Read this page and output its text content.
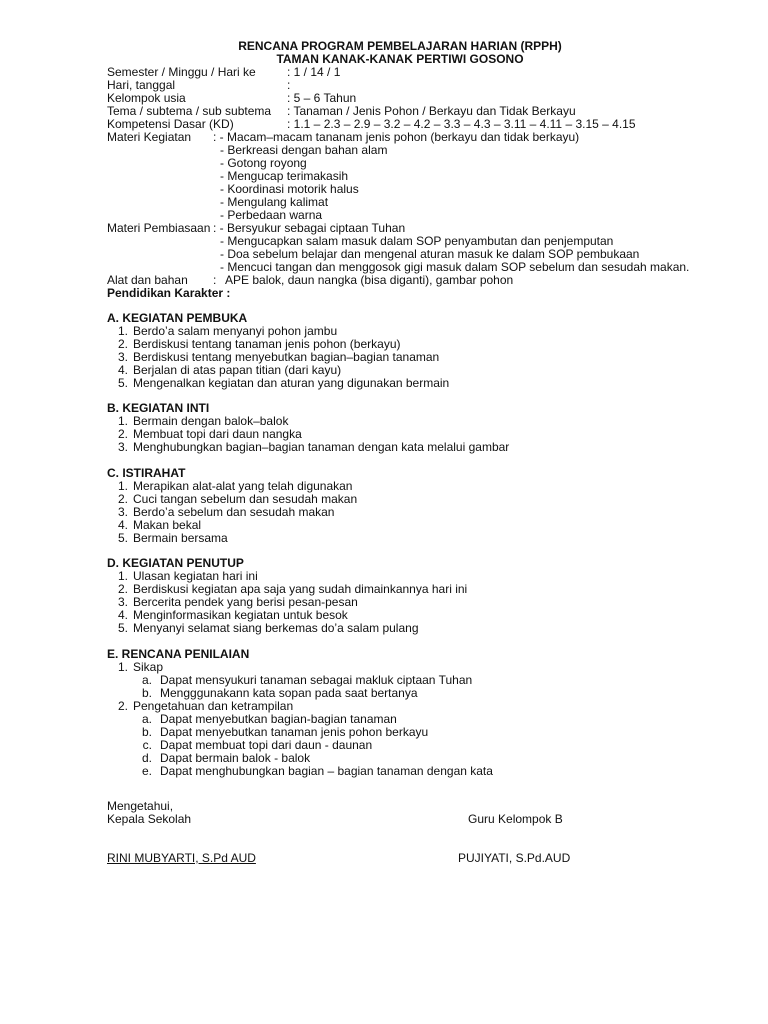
RENCANA PROGRAM PEMBELAJARAN HARIAN (RPPH)
TAMAN KANAK-KANAK PERTIWI GOSONO
Semester / Minggu / Hari ke	: 1 / 14 / 1
Hari, tanggal	:
Kelompok usia	: 5 – 6 Tahun
Tema / subtema / sub subtema : Tanaman / Jenis Pohon / Berkayu dan Tidak Berkayu
Kompetensi Dasar (KD)	: 1.1 – 2.3 – 2.9 – 3.2 – 4.2 – 3.3 – 4.3 – 3.11 – 4.11 – 3.15 – 4.15
Materi Kegiatan : - Macam–macam tananam jenis pohon (berkayu dan tidak berkayu)
- Berkreasi dengan bahan alam
- Gotong royong
- Mengucap terimakasih
- Koordinasi motorik halus
- Mengulang kalimat
- Perbedaan warna
Materi Pembiasaan : - Bersyukur sebagai ciptaan Tuhan
- Mengucapkan salam masuk dalam SOP penyambutan dan penjemputan
- Doa sebelum belajar dan mengenal aturan masuk ke dalam SOP pembukaan
- Mencuci tangan dan menggosok gigi masuk dalam SOP sebelum dan sesudah makan.
Alat dan bahan : APE balok, daun nangka (bisa diganti), gambar pohon
Pendidikan Karakter :
A. KEGIATAN PEMBUKA
1. Berdo’a salam menyanyi pohon jambu
2. Berdiskusi tentang tanaman jenis pohon (berkayu)
3. Berdiskusi tentang menyebutkan bagian–bagian tanaman
4. Berjalan di atas papan titian (dari kayu)
5. Mengenalkan kegiatan dan aturan yang digunakan bermain
B. KEGIATAN INTI
1. Bermain dengan balok–balok
2. Membuat topi dari daun nangka
3. Menghubungkan bagian–bagian tanaman dengan kata melalui gambar
C. ISTIRAHAT
1. Merapikan alat-alat yang telah digunakan
2. Cuci tangan sebelum dan sesudah makan
3. Berdo’a sebelum dan sesudah makan
4. Makan bekal
5. Bermain bersama
D. KEGIATAN PENUTUP
1. Ulasan kegiatan hari ini
2. Berdiskusi kegiatan apa saja yang sudah dimainkannya hari ini
3. Bercerita pendek yang berisi pesan-pesan
4. Menginformasikan kegiatan untuk besok
5. Menyanyi selamat siang berkemas do’a salam pulang
E. RENCANA PENILAIAN
1. Sikap
a. Dapat mensyukuri tanaman sebagai makluk ciptaan Tuhan
b. Mengggunakann kata sopan pada saat bertanya
2. Pengetahuan dan ketrampilan
a. Dapat menyebutkan bagian-bagian tanaman
b. Dapat menyebutkan tanaman jenis pohon berkayu
c. Dapat membuat topi dari daun - daunan
d. Dapat bermain balok - balok
e. Dapat menghubungkan bagian – bagian tanaman dengan kata
Mengetahui,
Kepala Sekolah	Guru Kelompok B
RINI MUBYARTI, S.Pd AUD	PUJIYATI, S.Pd.AUD
